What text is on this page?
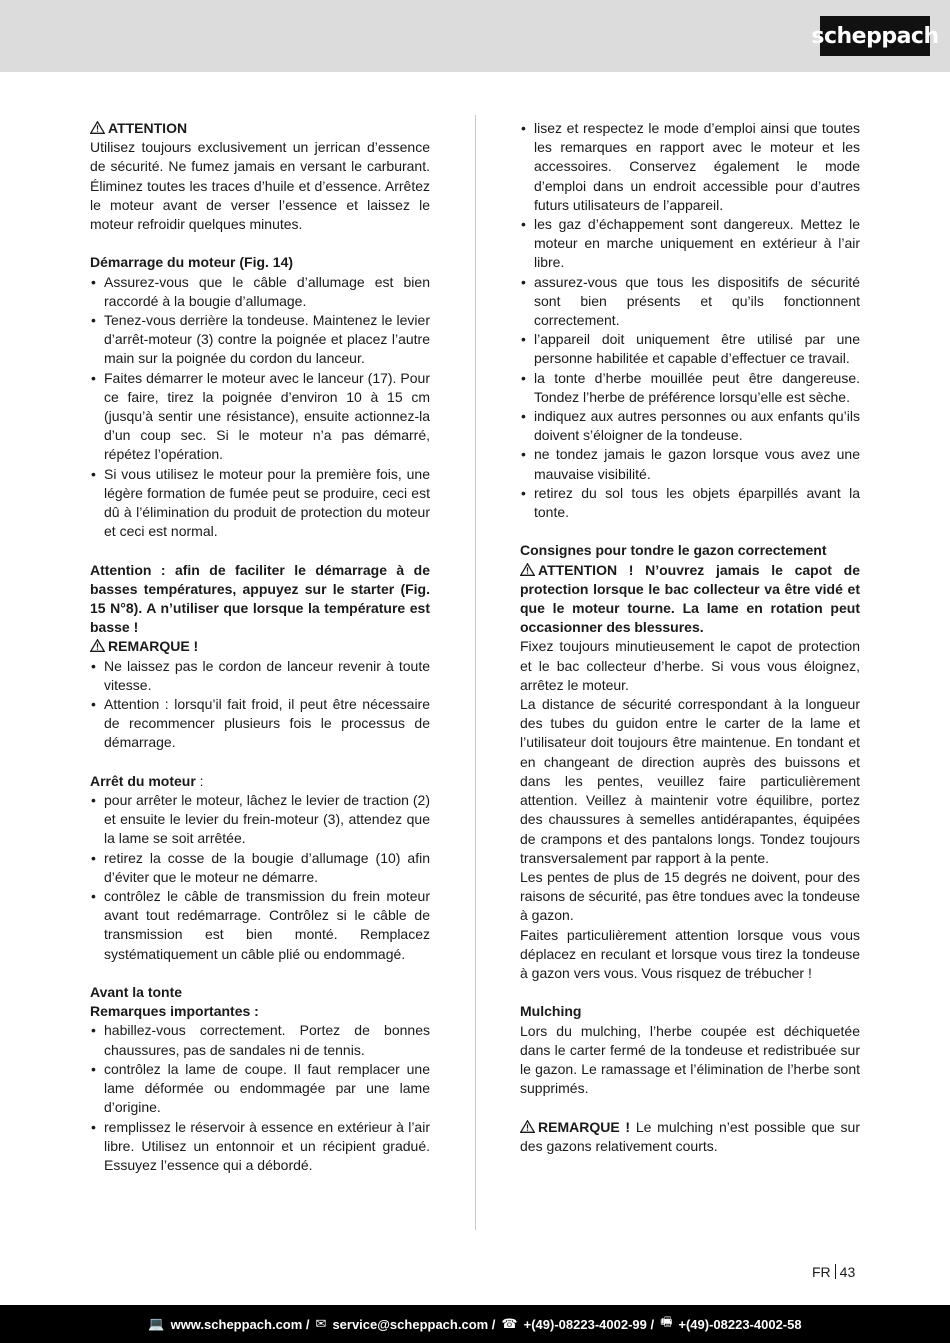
scheppach
ATTENTION

Utilisez toujours exclusivement un jerrican d’essence de sécurité. Ne fumez jamais en versant le carburant. Éliminez toutes les traces d’huile et d’essence. Arrêtez le moteur avant de verser l’essence et laissez le moteur refroidir quelques minutes.

Démarrage du moteur (Fig. 14)
• Assurez-vous que le câble d’allumage est bien raccordé à la bougie d’allumage.
• Tenez-vous derrière la tondeuse. Maintenez le levier d’arrêt-moteur (3) contre la poignée et placez l’autre main sur la poignée du cordon du lanceur.
• Faites démarrer le moteur avec le lanceur (17). Pour ce faire, tirez la poignée d’environ 10 à 15 cm (jusqu’à sentir une résistance), ensuite actionnez-la d’un coup sec. Si le moteur n’a pas démarré, répétez l’opération.
• Si vous utilisez le moteur pour la première fois, une légère formation de fumée peut se produire, ceci est dû à l’élimination du produit de protection du moteur et ceci est normal.

Attention : afin de faciliter le démarrage à de basses températures, appuyez sur le starter (Fig. 15 N°8). A n’utiliser que lorsque la température est basse !

REMARQUE !
• Ne laissez pas le cordon de lanceur revenir à toute vitesse.
• Attention : lorsqu’il fait froid, il peut être nécessaire de recommencer plusieurs fois le processus de démarrage.
Arrêt du moteur :
• pour arrêter le moteur, lâchez le levier de traction (2) et ensuite le levier du frein-moteur (3), attendez que la lame se soit arrêtée.
• retirez la cosse de la bougie d’allumage (10) afin d’éviter que le moteur ne démarre.
• contrôlez le câble de transmission du frein moteur avant tout redémarrage. Contrôlez si le câble de transmission est bien monté. Remplacez systématiquement un câble plié ou endommagé.
Avant la tonte
Remarques importantes :
• habillez-vous correctement. Portez de bonnes chaussures, pas de sandales ni de tennis.
• contrôlez la lame de coupe. Il faut remplacer une lame déformée ou endommagée par une lame d’origine.
• remplissez le réservoir à essence en extérieur à l’air libre. Utilisez un entonnoir et un récipient gradué. Essuyez l’essence qui a débordé.
• lisez et respectez le mode d’emploi ainsi que toutes les remarques en rapport avec le moteur et les accessoires. Conservez également le mode d’emploi dans un endroit accessible pour d’autres futurs utilisateurs de l’appareil.
• les gaz d’échappement sont dangereux. Mettez le moteur en marche uniquement en extérieur à l’air libre.
• assurez-vous que tous les dispositifs de sécurité sont bien présents et qu’ils fonctionnent correctement.
• l’appareil doit uniquement être utilisé par une personne habilitée et capable d’effectuer ce travail.
• la tonte d’herbe mouillée peut être dangereuse. Tondez l’herbe de préférence lorsqu’elle est sèche.
• indiquez aux autres personnes ou aux enfants qu’ils doivent s’éloigner de la tondeuse.
• ne tondez jamais le gazon lorsque vous avez une mauvaise visibilité.
• retirez du sol tous les objets éparpillés avant la tonte.
Consignes pour tondre le gazon correctement

ATTENTION ! N’ouvrez jamais le capot de protection lorsque le bac collecteur va être vidé et que le moteur tourne. La lame en rotation peut occasionner des blessures.

Fixez toujours minutieusement le capot de protection et le bac collecteur d’herbe. Si vous vous éloignez, arrêtez le moteur.

La distance de sécurité correspondant à la longueur des tubes du guidon entre le carter de la lame et l’utilisateur doit toujours être maintenue. En tondant et en changeant de direction auprès des buissons et dans les pentes, veuillez faire particulièrement attention. Veillez à maintenir votre équilibre, portez des chaussures à semelles antidérapantes, équipées de crampons et des pantalons longs. Tondez toujours transversalement par rapport à la pente.

Les pentes de plus de 15 degrés ne doivent, pour des raisons de sécurité, pas être tondues avec la tondeuse à gazon.

Faites particulièrement attention lorsque vous vous déplacez en reculant et lorsque vous tirez la tondeuse à gazon vers vous. Vous risquez de trébucher !

Mulching

Lors du mulching, l’herbe coupée est déchiquetée dans le carter fermé de la tondeuse et redistribuée sur le gazon. Le ramassage et l’élimination de l’herbe sont supprimés.

REMARQUE ! Le mulching n’est possible que sur des gazons relativement courts.

FR 43
💻 www.scheppach.com / ✉ service@scheppach.com / ☎ +(49)-08223-4002-99 / 🖷 +(49)-08223-4002-58
